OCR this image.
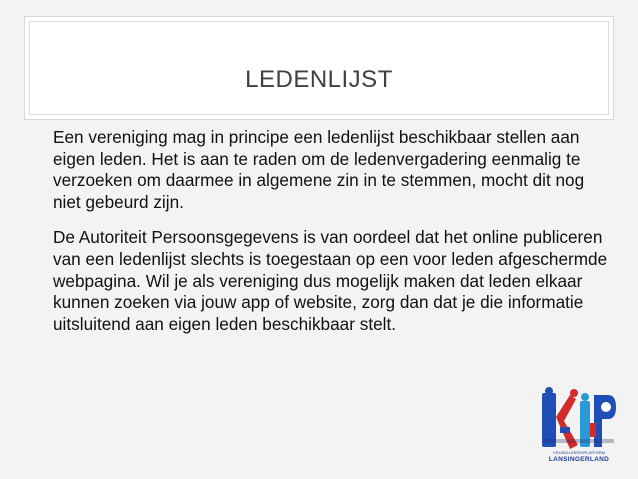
LEDENLIJST

Een vereniging mag in principe een ledenlijst beschikbaar stellen aan eigen leden. Het is aan te raden om de ledenvergadering eenmalig te verzoeken om daarmee in algemene zin in te stemmen, mocht dit nog niet gebeurd zijn.

De Autoriteit Persoonsgegevens is van oordeel dat het online publiceren van een ledenlijst slechts is toegestaan op een voor leden afgeschermde webpagina. Wil je als vereniging dus mogelijk maken dat leden elkaar kunnen zoeken via jouw app of website, zorg dan dat je die informatie uitsluitend aan eigen leden beschikbaar stelt.

VRIJWILLIGERSPLATFORM
LANSINGERLAND
